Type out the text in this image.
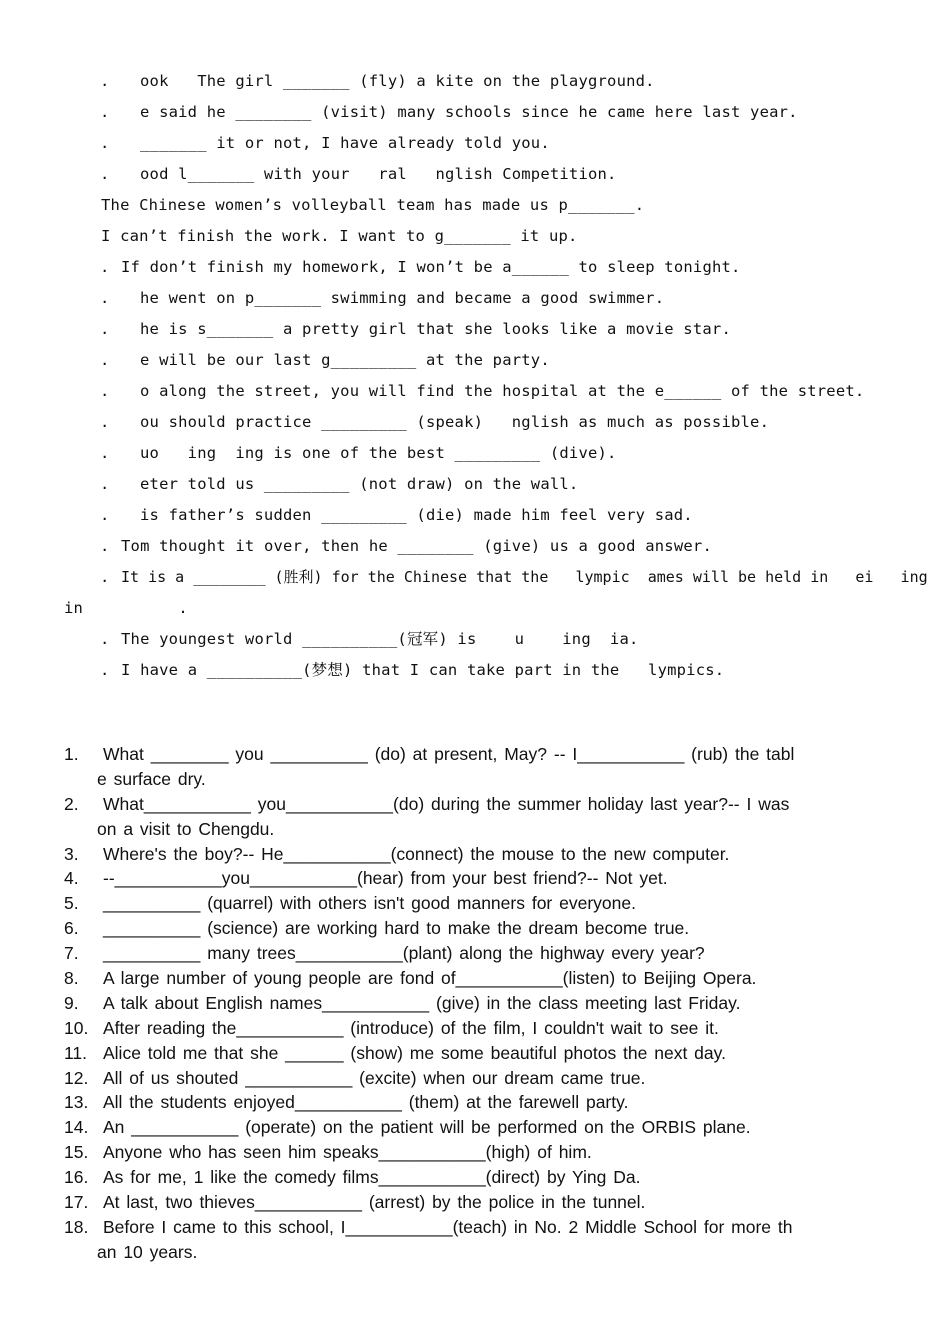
. ook   The girl _______ (fly) a kite on the playground.
. e said he ________ (visit) many schools since he came here last year.
. _______ it or not, I have already told you.
. ood l_______ with your   ral   nglish Competition.
The Chinese women’s volleyball team has made us p_______.
I can’t finish the work. I want to g_______ it up.
. If don’t finish my homework, I won’t be a______ to sleep tonight.
. he went on p_______ swimming and became a good swimmer.
. he is s_______ a pretty girl that she looks like a movie star.
. e will be our last g_________ at the party.
. o along the street, you will find the hospital at the e______ of the street.
. ou should practice _________ (speak)   nglish as much as possible.
. uo   ing  ing is one of the best _________ (dive).
. eter told us _________ (not draw) on the wall.
. is father’s sudden _________ (die) made him feel very sad.
. Tom thought it over, then he ________ (give) us a good answer.
. It is a ________ (胜利) for the Chinese that the   lympic  ames will be held in   ei   ing
in          .
. The youngest world __________(冠军) is    u    ing  ia.
. I have a __________(梦想) that I can take part in the   lympics.
1. What ________ you __________ (do) at present, May? -- I___________ (rub) the tabl
e surface dry.
2. What___________ you___________(do) during the summer holiday last year?-- I was
on a visit to Chengdu.
3. Where's the boy?-- He___________(connect) the mouse to the new computer.
4. --___________you___________(hear) from your best friend?-- Not yet.
5. __________ (quarrel) with others isn't good manners for everyone.
6. __________ (science) are working hard to make the dream become true.
7. __________ many trees___________(plant) along the highway every year?
8. A large number of young people are fond of___________(listen) to Beijing Opera.
9. A talk about English names___________ (give) in the class meeting last Friday.
10. After reading the___________ (introduce) of the film, I couldn't wait to see it.
11. Alice told me that she ______ (show) me some beautiful photos the next day.
12. All of us shouted ___________ (excite) when our dream came true.
13. All the students enjoyed___________ (them) at the farewell party.
14. An ___________ (operate) on the patient will be performed on the ORBIS plane.
15. Anyone who has seen him speaks___________(high) of him.
16. As for me, 1 like the comedy films___________(direct) by Ying Da.
17. At last, two thieves___________ (arrest) by the police in the tunnel.
18. Before I came to this school, I___________(teach) in No. 2 Middle School for more th
an 10 years.
